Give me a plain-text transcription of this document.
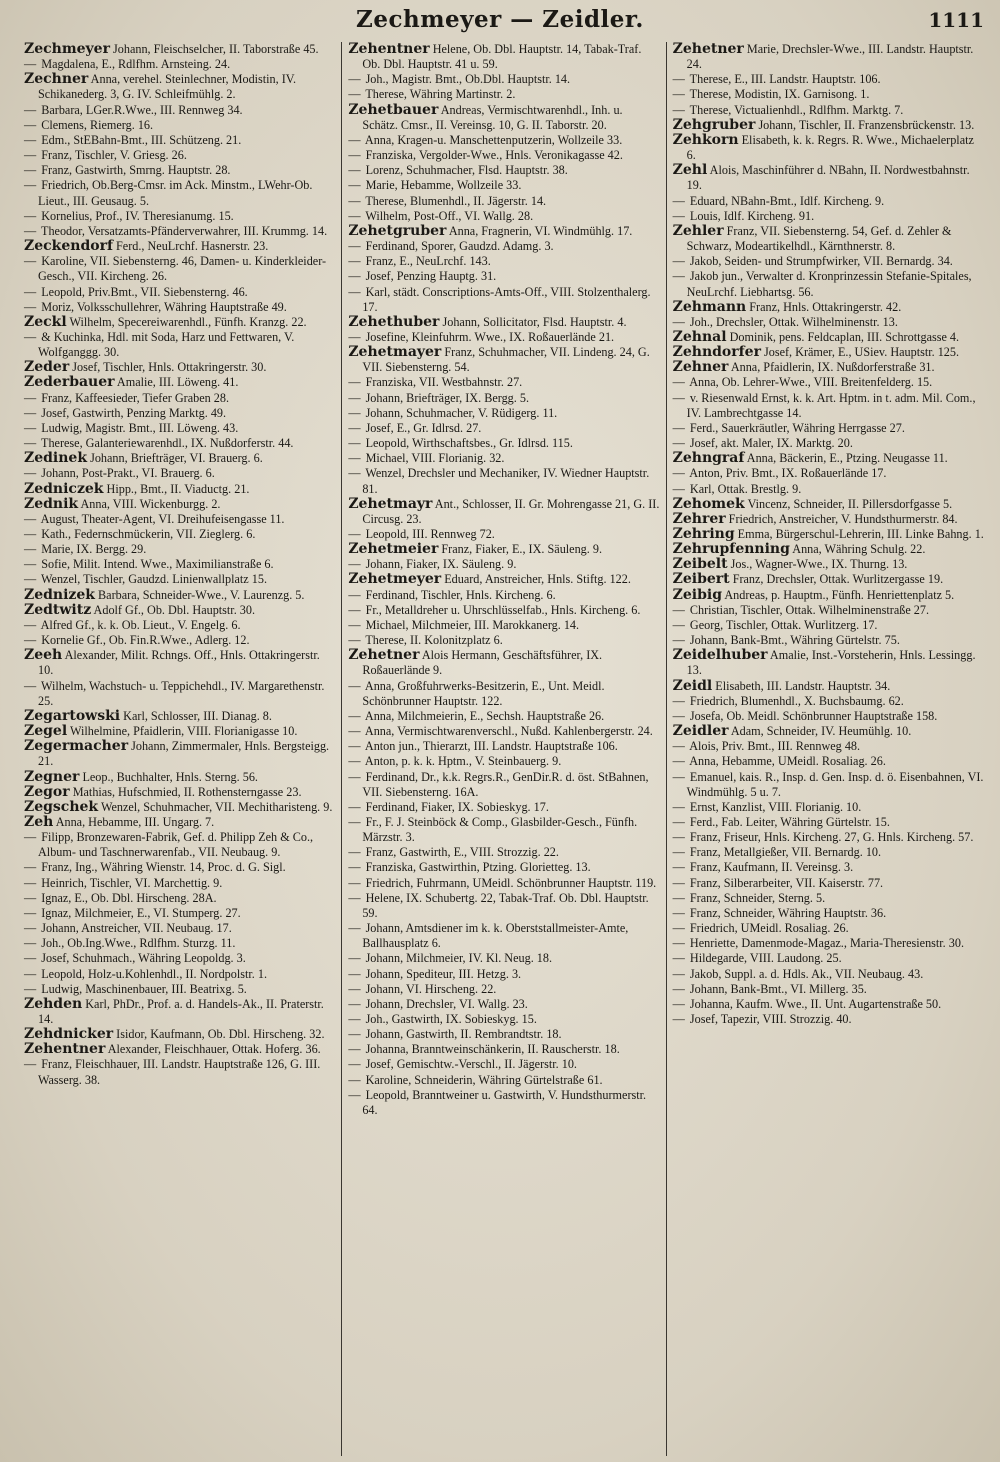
Zechmeyer — Zeidler.	1111
Zechmeyer Johann, Fleischselcher, II. Taborstraße 45.
— Magdalena, E., Rdlfhm. Arnsteing. 24.
Zechner Anna, verehel. Steinlechner, Modistin, IV. Schikanederg. 3, G. IV. Schleifmühlg. 2.
— Barbara, LGer.R.Wwe., III. Rennweg 34.
— Clemens, Riemerg. 16.
— Edm., StEBahn-Bmt., III. Schützeng. 21.
— Franz, Tischler, V. Griesg. 26.
— Franz, Gastwirth, Smrng. Hauptstr. 28.
— Friedrich, Ob.Berg-Cmsr. im Ack. Minstm., LWehr-Ob. Lieut., III. Geusaug. 5.
— Kornelius, Prof., IV. Theresianumg. 15.
— Theodor, Versatzamts-Pfänderverwahrer, III. Krummg. 14.
Zeckendorf Ferd., NeuLrchf. Hasnerstr. 23.
— Karoline, VII. Siebensterng. 46, Damen- u. Kinderkleider-Gesch., VII. Kircheng. 26.
— Leopold, Priv.Bmt., VII. Siebensterng. 46.
— Moriz, Volksschullehrer, Währing Hauptstraße 49.
Zeckl Wilhelm, Specereiwarenhdl., Fünfh. Kranzg. 22.
— & Kuchinka, Hdl. mit Soda, Harz und Fettwaren, V. Wolfganggg. 30.
Zeder Josef, Tischler, Hnls. Ottakringerstr. 30.
Zederbauer Amalie, III. Löweng. 41.
— Franz, Kaffeesieder, Tiefer Graben 28.
— Josef, Gastwirth, Penzing Marktg. 49.
— Ludwig, Magistr. Bmt., III. Löweng. 43.
— Therese, Galanteriewarenhdl., IX. Nußdorferstr. 44.
Zedinek Johann, Briefträger, VI. Brauerg. 6.
— Johann, Post-Prakt., VI. Brauerg. 6.
Zedniczek Hipp., Bmt., II. Viaductg. 21.
Zednik Anna, VIII. Wickenburgg. 2.
— August, Theater-Agent, VI. Dreihufeisengasse 11.
— Kath., Federnschmückerin, VII. Zieglerg. 6.
— Marie, IX. Bergg. 29.
— Sofie, Milit. Intend. Wwe., Maximilianstraße 6.
— Wenzel, Tischler, Gaudzd. Linienwallplatz 15.
Zednizek Barbara, Schneider-Wwe., V. Laurenzg. 5.
Zedtwitz Adolf Gf., Ob. Dbl. Hauptstr. 30.
— Alfred Gf., k. k. Ob. Lieut., V. Engelg. 6.
— Kornelie Gf., Ob. Fin.R.Wwe., Adlerg. 12.
Zeeh Alexander, Milit. Rchngs. Off., Hnls. Ottakringerstr. 10.
— Wilhelm, Wachstuch- u. Teppichehdl., IV. Margarethenstr. 25.
Zegartowski Karl, Schlosser, III. Dianag. 8.
Zegel Wilhelmine, Pfaidlerin, VIII. Florianigasse 10.
Zegermacher Johann, Zimmermaler, Hnls. Bergsteigg. 21.
Zegner Leop., Buchhalter, Hnls. Sterng. 56.
Zegor Mathias, Hufschmied, II. Rothensterngasse 23.
Zegschek Wenzel, Schuhmacher, VII. Mechitharisteng. 9.
Zeh Anna, Hebamme, III. Ungarg. 7.
— Filipp, Bronzewaren-Fabrik, Gef. d. Philipp Zeh & Co., Album- und Taschnerwarenfab., VII. Neubaug. 9.
— Franz, Ing., Währing Wienstr. 14, Proc. d. G. Sigl.
— Heinrich, Tischler, VI. Marchettig. 9.
— Ignaz, E., Ob. Dbl. Hirscheng. 28A.
— Ignaz, Milchmeier, E., VI. Stumperg. 27.
— Johann, Anstreicher, VII. Neubaug. 17.
— Joh., Ob.Ing.Wwe., Rdlfhm. Sturzg. 11.
— Josef, Schuhmach., Währing Leopoldg. 3.
— Leopold, Holz-u.Kohlenhdl., II. Nordpolstr. 1.
— Ludwig, Maschinenbauer, III. Beatrixg. 5.
Zehden Karl, PhDr., Prof. a. d. Handels-Ak., II. Praterstr. 14.
Zehdnicker Isidor, Kaufmann, Ob. Dbl. Hirscheng. 32.
Zehentner Alexander, Fleischhauer, Ottak. Hoferg. 36.
— Franz, Fleischhauer, III. Landstr. Hauptstraße 126, G. III. Wasserg. 38.
Zehentner Helene, Ob. Dbl. Hauptstr. 14, Tabak-Traf. Ob. Dbl. Hauptstr. 41 u. 59.
— Joh., Magistr. Bmt., Ob.Dbl. Hauptstr. 14.
— Therese, Währing Martinstr. 2.
Zehetbauer Andreas, Vermischtwarenhdl., Inh. u. Schätz. Cmsr., II. Vereinsg. 10, G. II. Taborstr. 20.
— Anna, Kragen-u. Manschettenputzerin, Wollzeile 33.
— Franziska, Vergolder-Wwe., Hnls. Veronikagasse 42.
— Lorenz, Schuhmacher, Flsd. Hauptstr. 38.
— Marie, Hebamme, Wollzeile 33.
— Therese, Blumenhdl., II. Jägerstr. 14.
— Wilhelm, Post-Off., VI. Wallg. 28.
Zehetgruber Anna, Fragnerin, VI. Windmühlg. 17.
— Ferdinand, Sporer, Gaudzd. Adamg. 3.
— Franz, E., NeuLrchf. 143.
— Josef, Penzing Hauptg. 31.
— Karl, städt. Conscriptions-Amts-Off., VIII. Stolzenthalerg. 17.
Zehethuber Johann, Sollicitator, Flsd. Hauptstr. 4.
— Josefine, Kleinfuhrm. Wwe., IX. Roßauerlände 21.
Zehetmayer Franz, Schuhmacher, VII. Lindeng. 24, G. VII. Siebensterng. 54.
— Franziska, VII. Westbahnstr. 27.
— Johann, Briefträger, IX. Bergg. 5.
— Johann, Schuhmacher, V. Rüdigerg. 11.
— Josef, E., Gr. Idlrsd. 27.
— Leopold, Wirthschaftsbes., Gr. Idlrsd. 115.
— Michael, VIII. Florianig. 32.
— Wenzel, Drechsler und Mechaniker, IV. Wiedner Hauptstr. 81.
Zehetmayr Ant., Schlosser, II. Gr. Mohrengasse 21, G. II. Circusg. 23.
— Leopold, III. Rennweg 72.
Zehetmeier Franz, Fiaker, E., IX. Säuleng. 9.
— Johann, Fiaker, IX. Säuleng. 9.
Zehetmeyer Eduard, Anstreicher, Hnls. Stiftg. 122.
— Ferdinand, Tischler, Hnls. Kircheng. 6.
— Fr., Metalldreher u. Uhrschlüsselfab., Hnls. Kircheng. 6.
— Michael, Milchmeier, III. Marokkanerg. 14.
— Therese, II. Kolonitzplatz 6.
Zehetner Alois Hermann, Geschäftsführer, IX. Roßauerlände 9.
— Anna, Großfuhrwerks-Besitzerin, E., Unt. Meidl. Schönbrunner Hauptstr. 122.
— Anna, Milchmeierin, E., Sechsh. Hauptstraße 26.
— Anna, Vermischtwarenverschl., Nußd. Kahlenbergerstr. 24.
— Anton jun., Thierarzt, III. Landstr. Hauptstraße 106.
— Anton, p. k. k. Hptm., V. Steinbauerg. 9.
— Ferdinand, Dr., k.k. Regrs.R., GenDir.R. d. öst. StBahnen, VII. Siebensterng. 16A.
— Ferdinand, Fiaker, IX. Sobieskyg. 17.
— Fr., F. J. Steinböck & Comp., Glasbilder-Gesch., Fünfh. Märzstr. 3.
— Franz, Gastwirth, E., VIII. Strozzig. 22.
— Franziska, Gastwirthin, Ptzing. Glorietteg. 13.
— Friedrich, Fuhrmann, UMeidl. Schönbrunner Hauptstr. 119.
— Helene, IX. Schubertg. 22, Tabak-Traf. Ob. Dbl. Hauptstr. 59.
— Johann, Amtsdiener im k. k. Oberststallmeister-Amte, Ballhausplatz 6.
— Johann, Milchmeier, IV. Kl. Neug. 18.
— Johann, Spediteur, III. Hetzg. 3.
— Johann, VI. Hirscheng. 22.
— Johann, Drechsler, VI. Wallg. 23.
— Joh., Gastwirth, IX. Sobieskyg. 15.
— Johann, Gastwirth, II. Rembrandtstr. 18.
— Johanna, Branntweinschänkerin, II. Rauscherstr. 18.
— Josef, Gemischtw.-Verschl., II. Jägerstr. 10.
— Karoline, Schneiderin, Währing Gürtelstraße 61.
— Leopold, Branntweiner u. Gastwirth, V. Hundsthurmerstr. 64.
Zehetner Marie, Drechsler-Wwe., III. Landstr. Hauptstr. 24.
— Therese, E., III. Landstr. Hauptstr. 106.
— Therese, Modistin, IX. Garnisong. 1.
— Therese, Victualienhdl., Rdlfhm. Marktg. 7.
Zehgruber Johann, Tischler, II. Franzensbrückenstr. 13.
Zehkorn Elisabeth, k. k. Regrs. R. Wwe., Michaelerplatz 6.
Zehl Alois, Maschinführer d. NBahn, II. Nordwestbahnstr. 19.
— Eduard, NBahn-Bmt., Idlf. Kircheng. 9.
— Louis, Idlf. Kircheng. 91.
Zehler Franz, VII. Siebensterng. 54, Gef. d. Zehler & Schwarz, Modeartikelhdl., Kärnthnerstr. 8.
— Jakob, Seiden- und Strumpfwirker, VII. Bernardg. 34.
— Jakob jun., Verwalter d. Kronprinzessin Stefanie-Spitales, NeuLrchf. Liebhartsg. 56.
Zehmann Franz, Hnls. Ottakringerstr. 42.
— Joh., Drechsler, Ottak. Wilhelminenstr. 13.
Zehnal Dominik, pens. Feldcaplan, III. Schrottgasse 4.
Zehndorfer Josef, Krämer, E., USiev. Hauptstr. 125.
Zehner Anna, Pfaidlerin, IX. Nußdorferstraße 31.
— Anna, Ob. Lehrer-Wwe., VIII. Breitenfelderg. 15.
— v. Riesenwald Ernst, k. k. Art. Hptm. in t. adm. Mil. Com., IV. Lambrechtgasse 14.
— Ferd., Sauerkräutler, Währing Herrgasse 27.
— Josef, akt. Maler, IX. Marktg. 20.
Zehngraf Anna, Bäckerin, E., Ptzing. Neugasse 11.
— Anton, Priv. Bmt., IX. Roßauerlände 17.
— Karl, Ottak. Brestlg. 9.
Zehomek Vincenz, Schneider, II. Pillersdorfgasse 5.
Zehrer Friedrich, Anstreicher, V. Hundsthurmerstr. 84.
Zehring Emma, Bürgerschul-Lehrerin, III. Linke Bahng. 1.
Zehrupfenning Anna, Währing Schulg. 22.
Zeibelt Jos., Wagner-Wwe., IX. Thurng. 13.
Zeibert Franz, Drechsler, Ottak. Wurlitzergasse 19.
Zeibig Andreas, p. Hauptm., Fünfh. Henriettenplatz 5.
— Christian, Tischler, Ottak. Wilhelminenstraße 27.
— Georg, Tischler, Ottak. Wurlitzerg. 17.
— Johann, Bank-Bmt., Währing Gürtelstr. 75.
Zeidelhuber Amalie, Inst.-Vorsteherin, Hnls. Lessingg. 13.
Zeidl Elisabeth, III. Landstr. Hauptstr. 34.
— Friedrich, Blumenhdl., X. Buchsbaumg. 62.
— Josefa, Ob. Meidl. Schönbrunner Hauptstraße 158.
Zeidler Adam, Schneider, IV. Heumühlg. 10.
— Alois, Priv. Bmt., III. Rennweg 48.
— Anna, Hebamme, UMeidl. Rosaliag. 26.
— Emanuel, kais. R., Insp. d. Gen. Insp. d. ö. Eisenbahnen, VI. Windmühlg. 5 u. 7.
— Ernst, Kanzlist, VIII. Florianig. 10.
— Ferd., Fab. Leiter, Währing Gürtelstr. 15.
— Franz, Friseur, Hnls. Kircheng. 27, G. Hnls. Kircheng. 57.
— Franz, Metallgießer, VII. Bernardg. 10.
— Franz, Kaufmann, II. Vereinsg. 3.
— Franz, Silberarbeiter, VII. Kaiserstr. 77.
— Franz, Schneider, Sterng. 5.
— Franz, Schneider, Währing Hauptstr. 36.
— Friedrich, UMeidl. Rosaliag. 26.
— Henriette, Damenmode-Magaz., Maria-Theresienstr. 30.
— Hildegarde, VIII. Laudong. 25.
— Jakob, Suppl. a. d. Hdls. Ak., VII. Neubaug. 43.
— Johann, Bank-Bmt., VI. Millerg. 35.
— Johanna, Kaufm. Wwe., II. Unt. Augartenstraße 50.
— Josef, Tapezir, VIII. Strozzig. 40.
